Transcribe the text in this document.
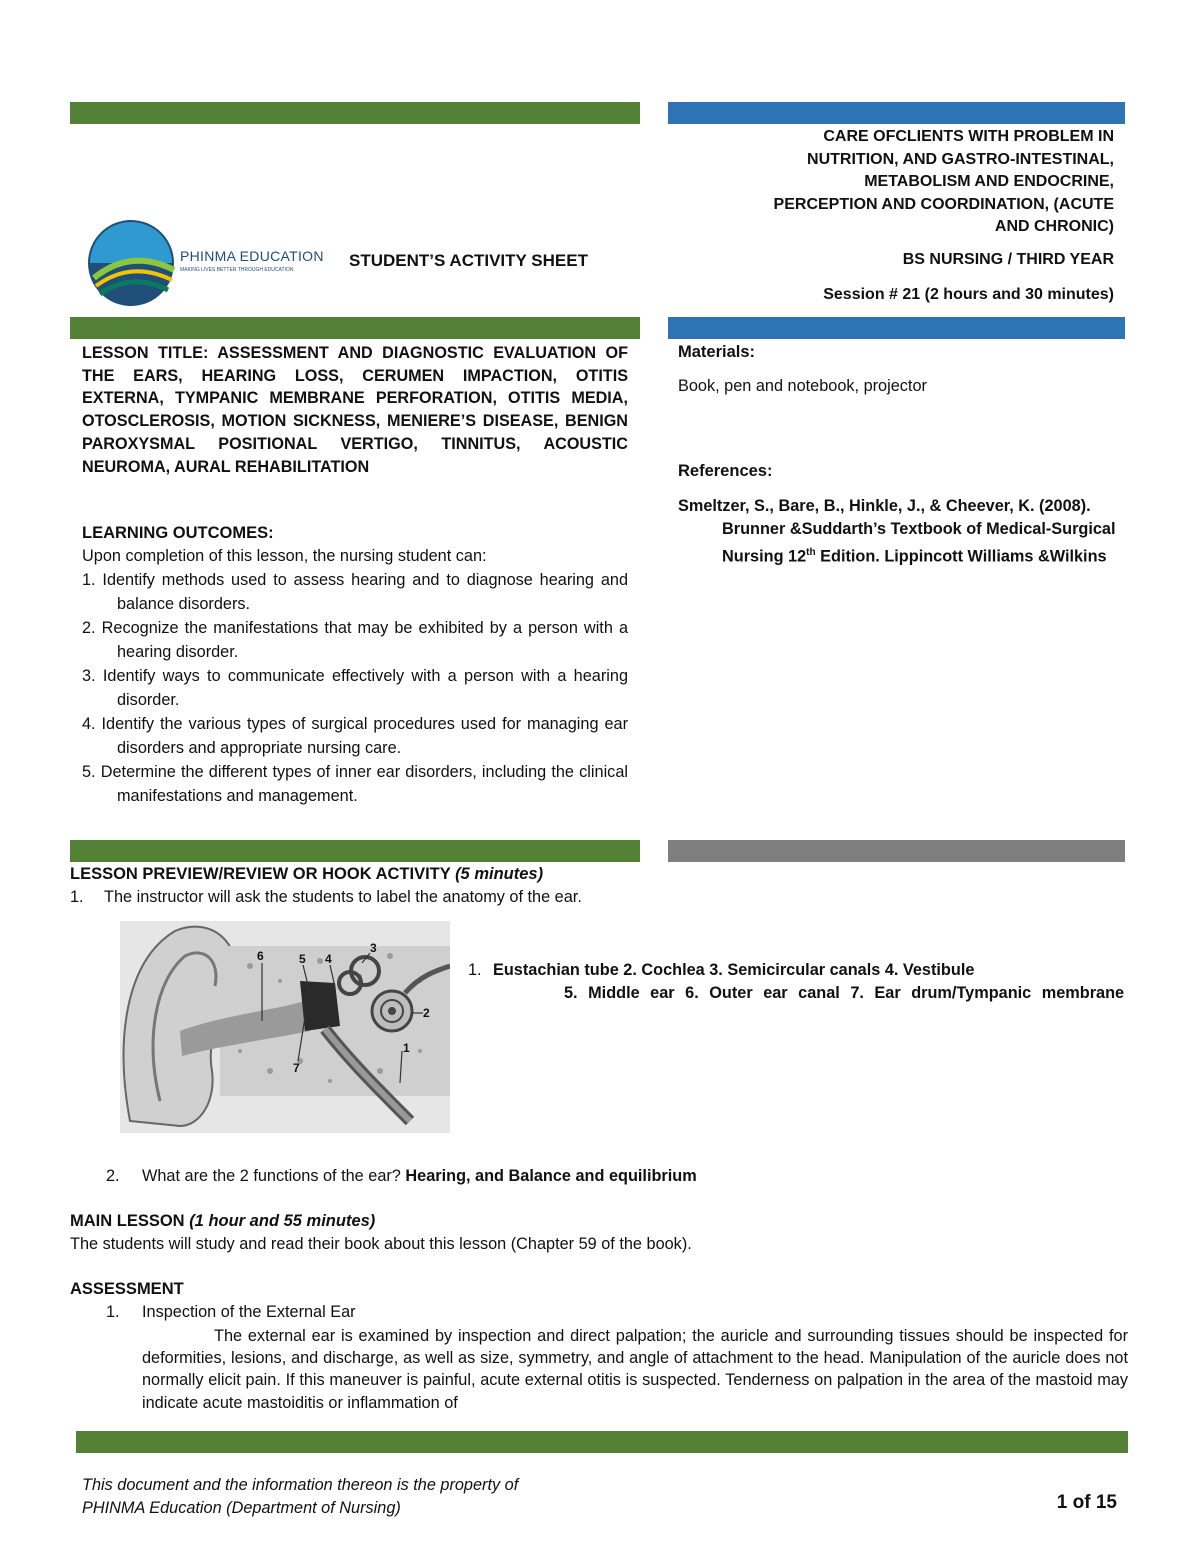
PHINMA EDUCATION
MAKING LIVES BETTER THROUGH EDUCATION	STUDENT’S ACTIVITY SHEET
CARE OFCLIENTS WITH PROBLEM IN
NUTRITION, AND GASTRO-INTESTINAL,
METABOLISM AND ENDOCRINE,
PERCEPTION AND COORDINATION, (ACUTE
AND CHRONIC)
BS NURSING / THIRD YEAR
Session # 21 (2 hours and 30 minutes)
LESSON TITLE: ASSESSMENT AND DIAGNOSTIC EVALUATION OF THE EARS, HEARING LOSS, CERUMEN IMPACTION, OTITIS EXTERNA, TYMPANIC MEMBRANE PERFORATION, OTITIS MEDIA, OTOSCLEROSIS, MOTION SICKNESS, MENIERE’S DISEASE, BENIGN PAROXYSMAL POSITIONAL VERTIGO, TINNITUS, ACOUSTIC NEUROMA, AURAL REHABILITATION
LEARNING OUTCOMES:
Upon completion of this lesson, the nursing student can:
1. Identify methods used to assess hearing and to diagnose hearing and balance disorders.
2. Recognize the manifestations that may be exhibited by a person with a hearing disorder.
3. Identify ways to communicate effectively with a person with a hearing disorder.
4. Identify the various types of surgical procedures used for managing ear disorders and appropriate nursing care.
5. Determine the different types of inner ear disorders, including the clinical manifestations and management.
Materials:
Book, pen and notebook, projector
References:
Smeltzer, S., Bare, B., Hinkle, J., & Cheever, K. (2008). Brunner &Suddarth’s Textbook of Medical-Surgical Nursing 12th Edition. Lippincott Williams &Wilkins
LESSON PREVIEW/REVIEW OR HOOK ACTIVITY (5 minutes)
1. The instructor will ask the students to label the anatomy of the ear.
1
2
3
4
5
6
7
1. Eustachian tube 2. Cochlea 3. Semicircular canals 4. Vestibule
5. Middle ear 6. Outer ear canal 7. Ear drum/Tympanic membrane
2. What are the 2 functions of the ear? Hearing, and Balance and equilibrium
MAIN LESSON (1 hour and 55 minutes)
The students will study and read their book about this lesson (Chapter 59 of the book).
ASSESSMENT
1. Inspection of the External Ear
The external ear is examined by inspection and direct palpation; the auricle and surrounding tissues should be inspected for deformities, lesions, and discharge, as well as size, symmetry, and angle of attachment to the head. Manipulation of the auricle does not normally elicit pain. If this maneuver is painful, acute external otitis is suspected. Tenderness on palpation in the area of the mastoid may indicate acute mastoiditis or inflammation of
This document and the information thereon is the property of
PHINMA Education (Department of Nursing)	1 of 15
